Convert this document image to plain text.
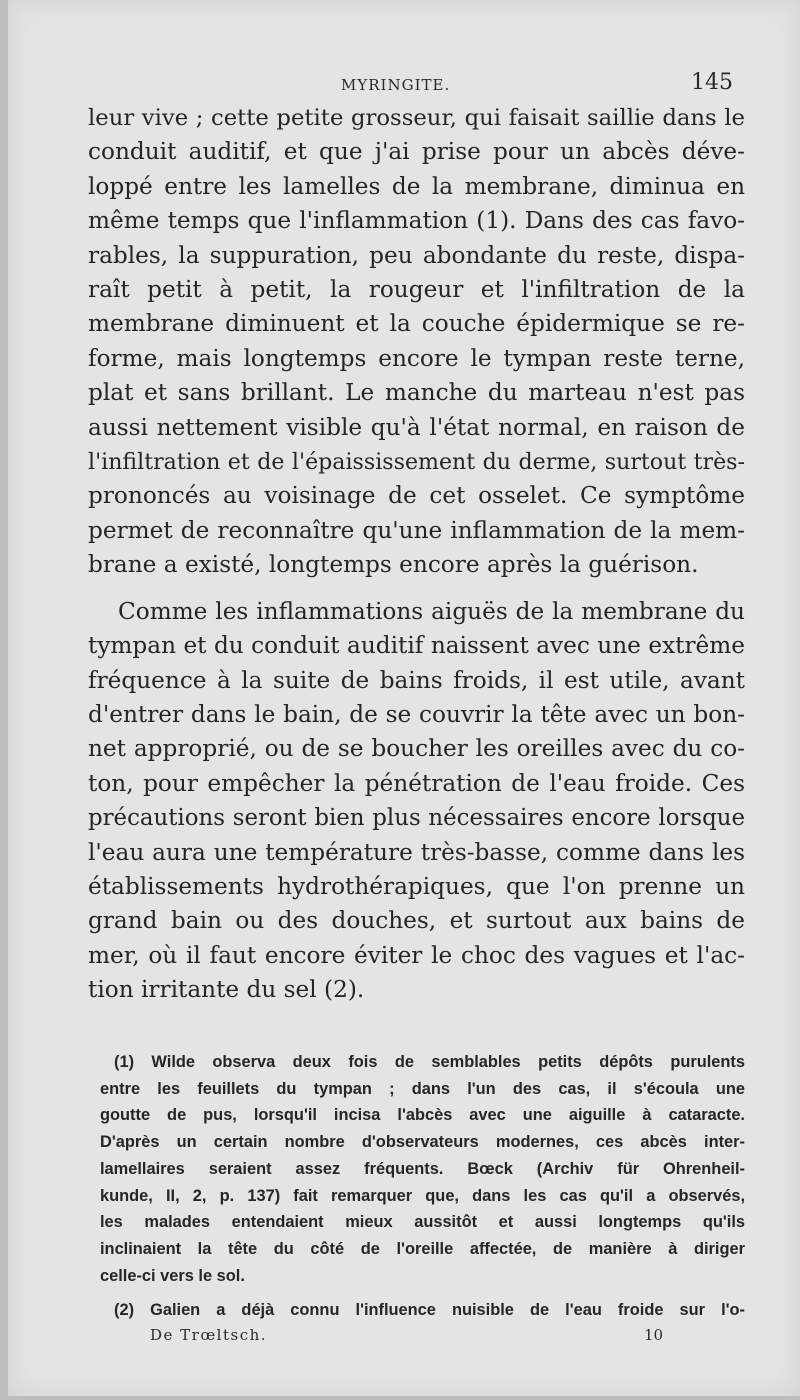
MYRINGITE.	145
leur vive ; cette petite grosseur, qui faisait saillie dans le
conduit auditif, et que j'ai prise pour un abcès déve-
loppé entre les lamelles de la membrane, diminua en
même temps que l'inflammation (1). Dans des cas favo-
rables, la suppuration, peu abondante du reste, dispa-
raît petit à petit, la rougeur et l'infiltration de la
membrane diminuent et la couche épidermique se re-
forme, mais longtemps encore le tympan reste terne,
plat et sans brillant. Le manche du marteau n'est pas
aussi nettement visible qu'à l'état normal, en raison de
l'infiltration et de l'épaississement du derme, surtout très-
prononcés au voisinage de cet osselet. Ce symptôme
permet de reconnaître qu'une inflammation de la mem-
brane a existé, longtemps encore après la guérison.
Comme les inflammations aiguës de la membrane du
tympan et du conduit auditif naissent avec une extrême
fréquence à la suite de bains froids, il est utile, avant
d'entrer dans le bain, de se couvrir la tête avec un bon-
net approprié, ou de se boucher les oreilles avec du co-
ton, pour empêcher la pénétration de l'eau froide. Ces
précautions seront bien plus nécessaires encore lorsque
l'eau aura une température très-basse, comme dans les
établissements hydrothérapiques, que l'on prenne un
grand bain ou des douches, et surtout aux bains de
mer, où il faut encore éviter le choc des vagues et l'ac-
tion irritante du sel (2).
(1) Wilde observa deux fois de semblables petits dépôts purulents
entre les feuillets du tympan ; dans l'un des cas, il s'écoula une
goutte de pus, lorsqu'il incisa l'abcès avec une aiguille à cataracte.
D'après un certain nombre d'observateurs modernes, ces abcès inter-
lamellaires seraient assez fréquents. Bœck (Archiv für Ohrenheil-
kunde, II, 2, p. 137) fait remarquer que, dans les cas qu'il a observés,
les malades entendaient mieux aussitôt et aussi longtemps qu'ils
inclinaient la tête du côté de l'oreille affectée, de manière à diriger
celle-ci vers le sol.
(2) Galien a déjà connu l'influence nuisible de l'eau froide sur l'o-
De Trœltsch.	10
